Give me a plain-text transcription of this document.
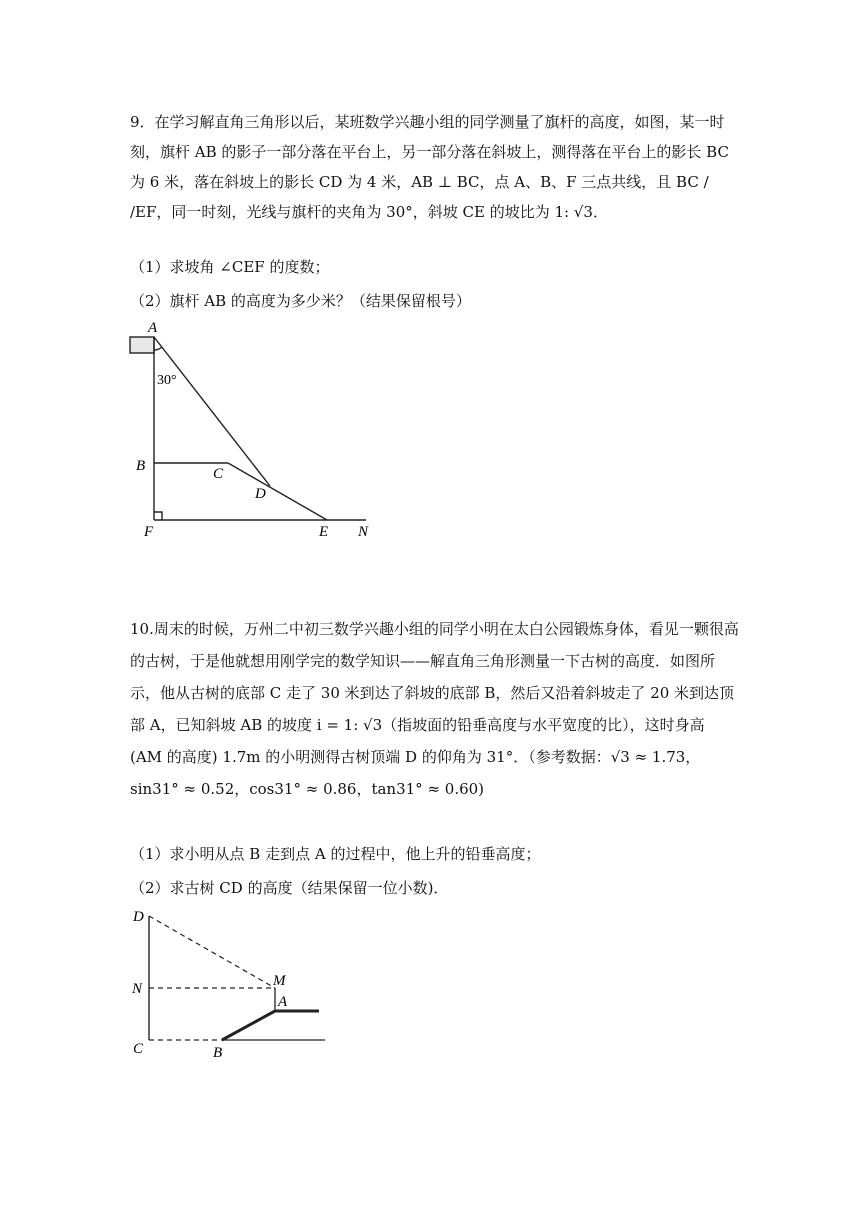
9．在学习解直角三角形以后，某班数学兴趣小组的同学测量了旗杆的高度，如图，某一时刻，旗杆 AB 的影子一部分落在平台上，另一部分落在斜坡上，测得落在平台上的影长 BC 为 6 米，落在斜坡上的影长 CD 为 4 米，AB ⊥ BC，点 A、B、F 三点共线，且 BC / /EF，同一时刻，光线与旗杆的夹角为 30°，斜坡 CE 的坡比为 1: √3．

（1）求坡角 ∠CEF 的度数；

（2）旗杆 AB 的高度为多少米？（结果保留根号）

A
30°
B	C
D
F	E N

10.周末的时候，万州二中初三数学兴趣小组的同学小明在太白公园锻炼身体，看见一颗很高的古树，于是他就想用刚学完的数学知识——解直角三角形测量一下古树的高度．如图所示，他从古树的底部 C 走了 30 米到达了斜坡的底部 B，然后又沿着斜坡走了 20 米到达顶部 A，已知斜坡 AB 的坡度 i = 1: √3（指坡面的铅垂高度与水平宽度的比），这时身高 (AM 的高度) 1.7m 的小明测得古树顶端 D 的仰角为 31°．（参考数据：√3 ≈ 1.73，sin31° ≈ 0.52，cos31° ≈ 0.86，tan31° ≈ 0.60)

（1）求小明从点 B 走到点 A 的过程中，他上升的铅垂高度；

（2）求古树 CD 的高度（结果保留一位小数)．

D
M
N
A
C	B
